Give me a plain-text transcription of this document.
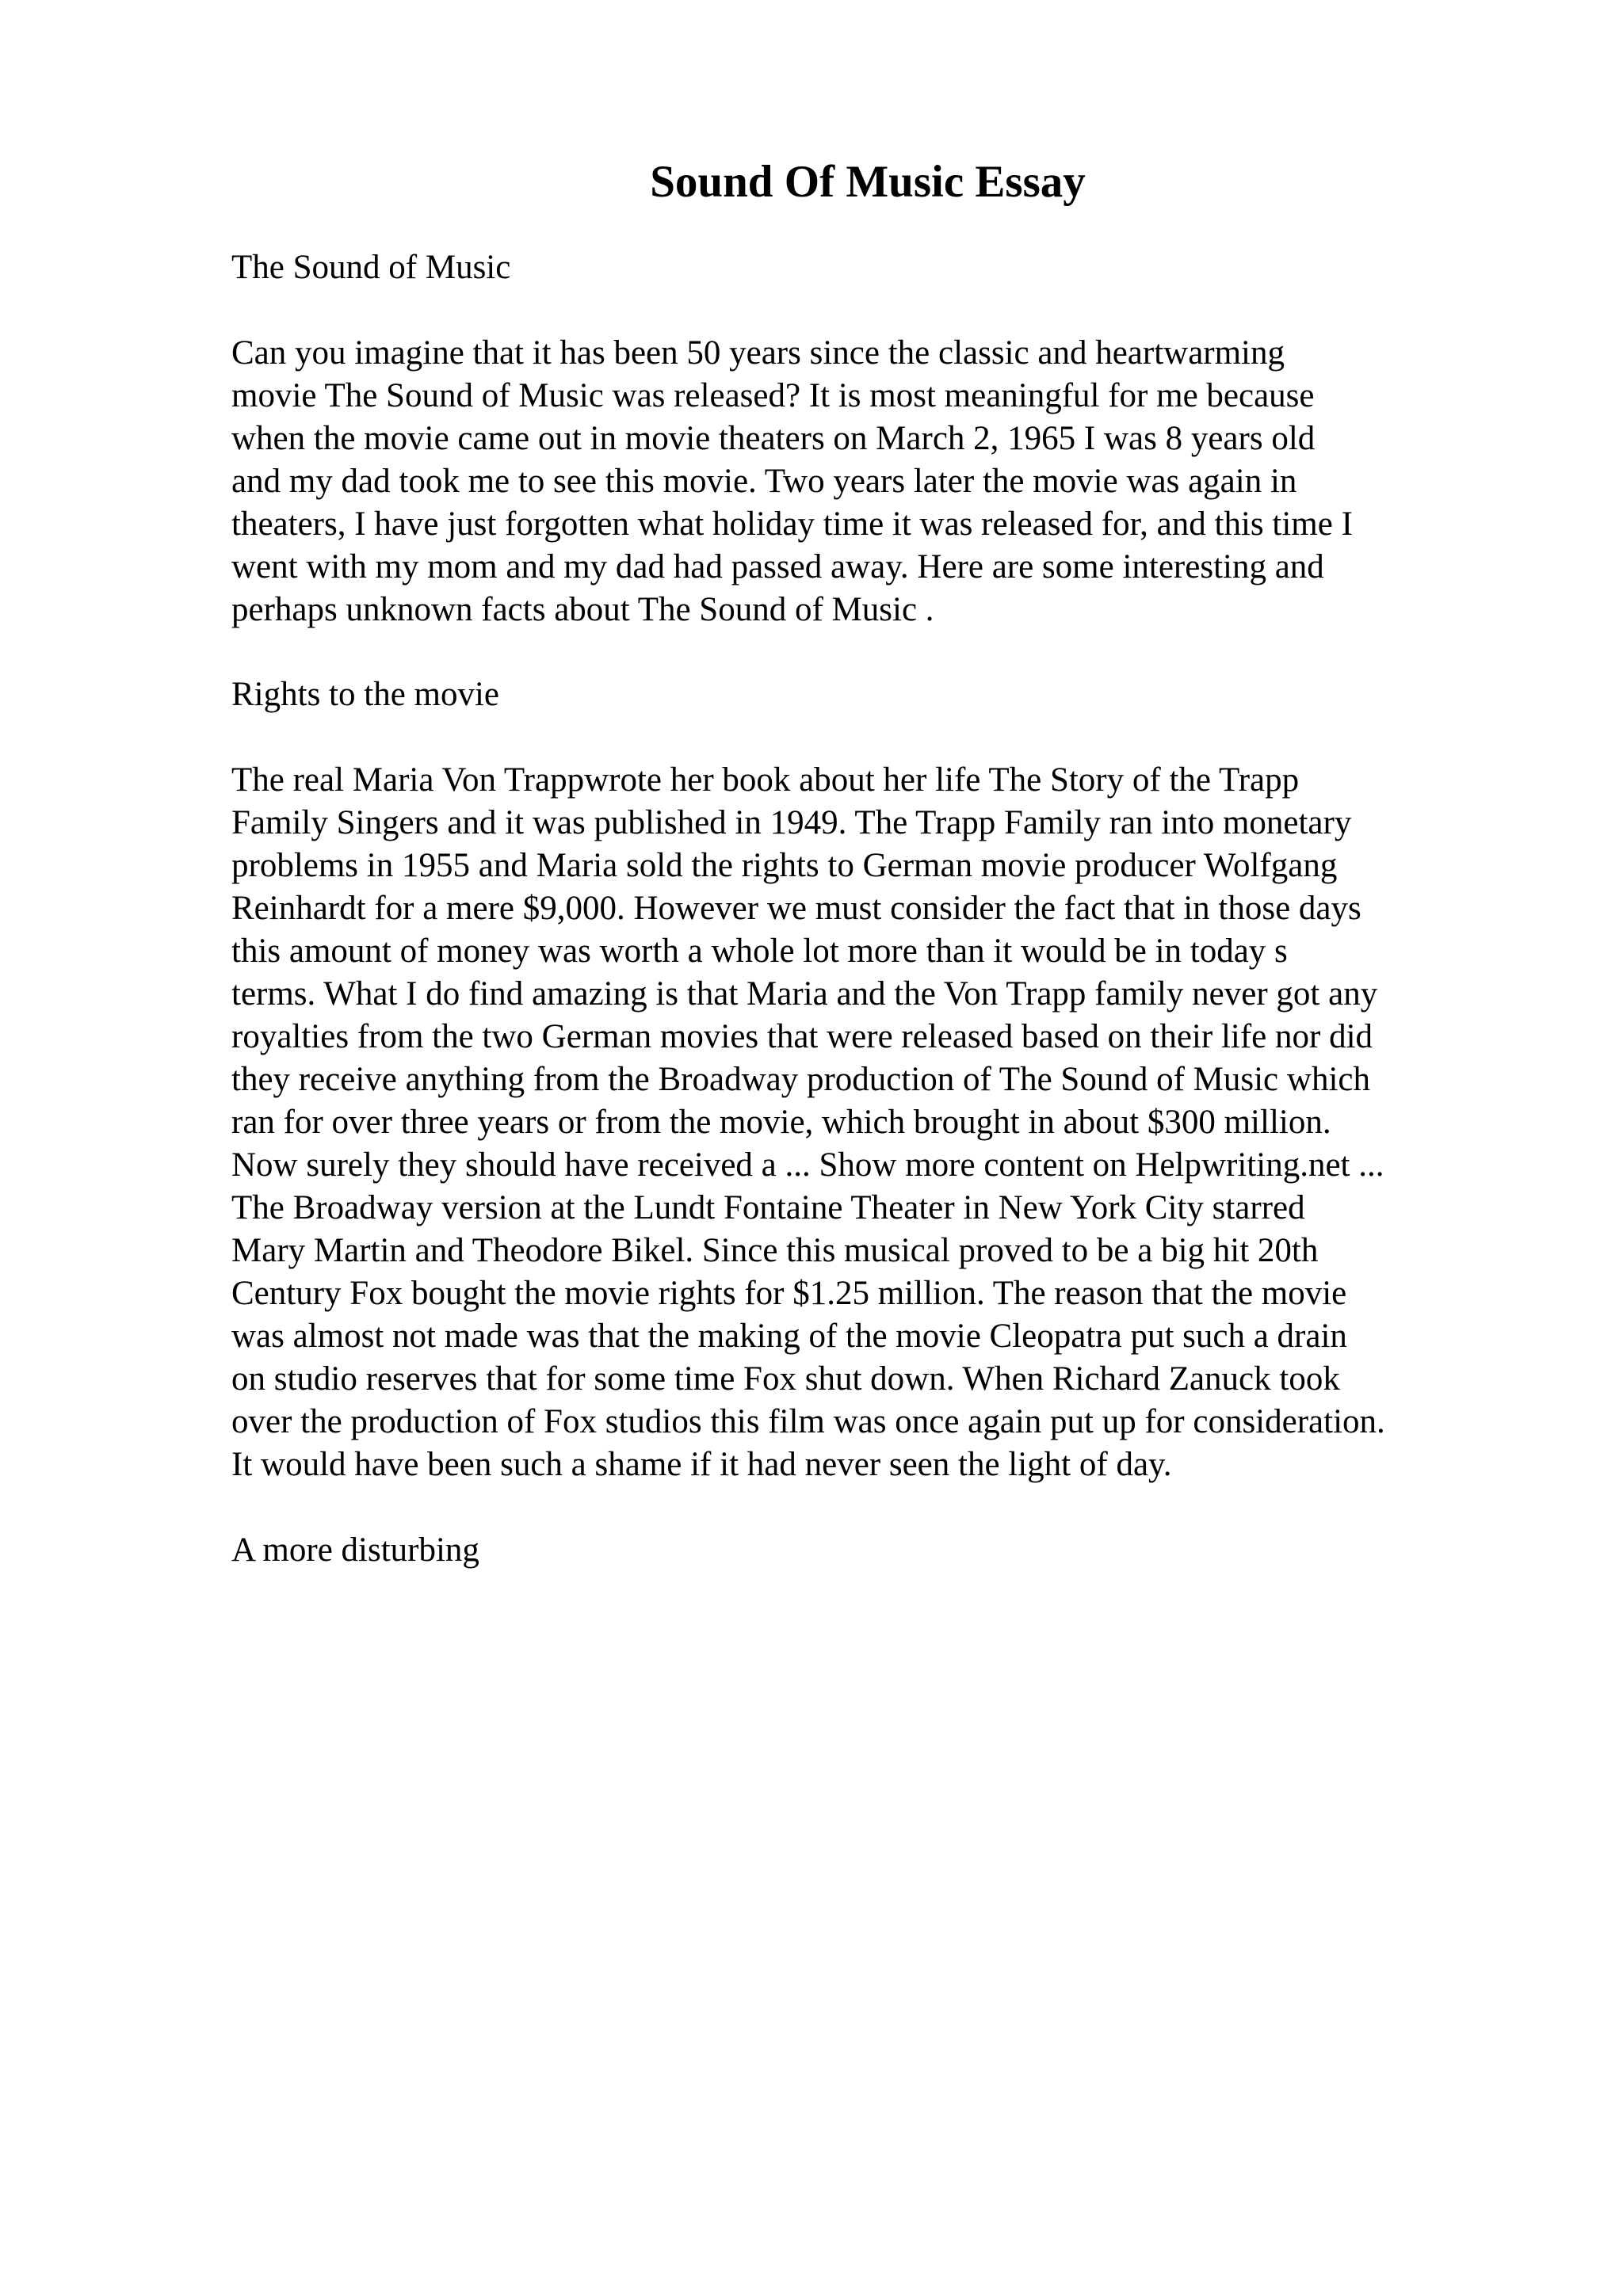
Sound Of Music Essay

The Sound of Music

Can you imagine that it has been 50 years since the classic and heartwarming
movie The Sound of Music was released? It is most meaningful for me because
when the movie came out in movie theaters on March 2, 1965 I was 8 years old
and my dad took me to see this movie. Two years later the movie was again in
theaters, I have just forgotten what holiday time it was released for, and this time I
went with my mom and my dad had passed away. Here are some interesting and
perhaps unknown facts about The Sound of Music .

Rights to the movie

The real Maria Von Trappwrote her book about her life The Story of the Trapp
Family Singers and it was published in 1949. The Trapp Family ran into monetary
problems in 1955 and Maria sold the rights to German movie producer Wolfgang
Reinhardt for a mere $9,000. However we must consider the fact that in those days
this amount of money was worth a whole lot more than it would be in today s
terms. What I do find amazing is that Maria and the Von Trapp family never got any
royalties from the two German movies that were released based on their life nor did
they receive anything from the Broadway production of The Sound of Music which
ran for over three years or from the movie, which brought in about $300 million.
Now surely they should have received a ... Show more content on Helpwriting.net ...
The Broadway version at the Lundt Fontaine Theater in New York City starred
Mary Martin and Theodore Bikel. Since this musical proved to be a big hit 20th
Century Fox bought the movie rights for $1.25 million. The reason that the movie
was almost not made was that the making of the movie Cleopatra put such a drain
on studio reserves that for some time Fox shut down. When Richard Zanuck took
over the production of Fox studios this film was once again put up for consideration.
It would have been such a shame if it had never seen the light of day.

A more disturbing
